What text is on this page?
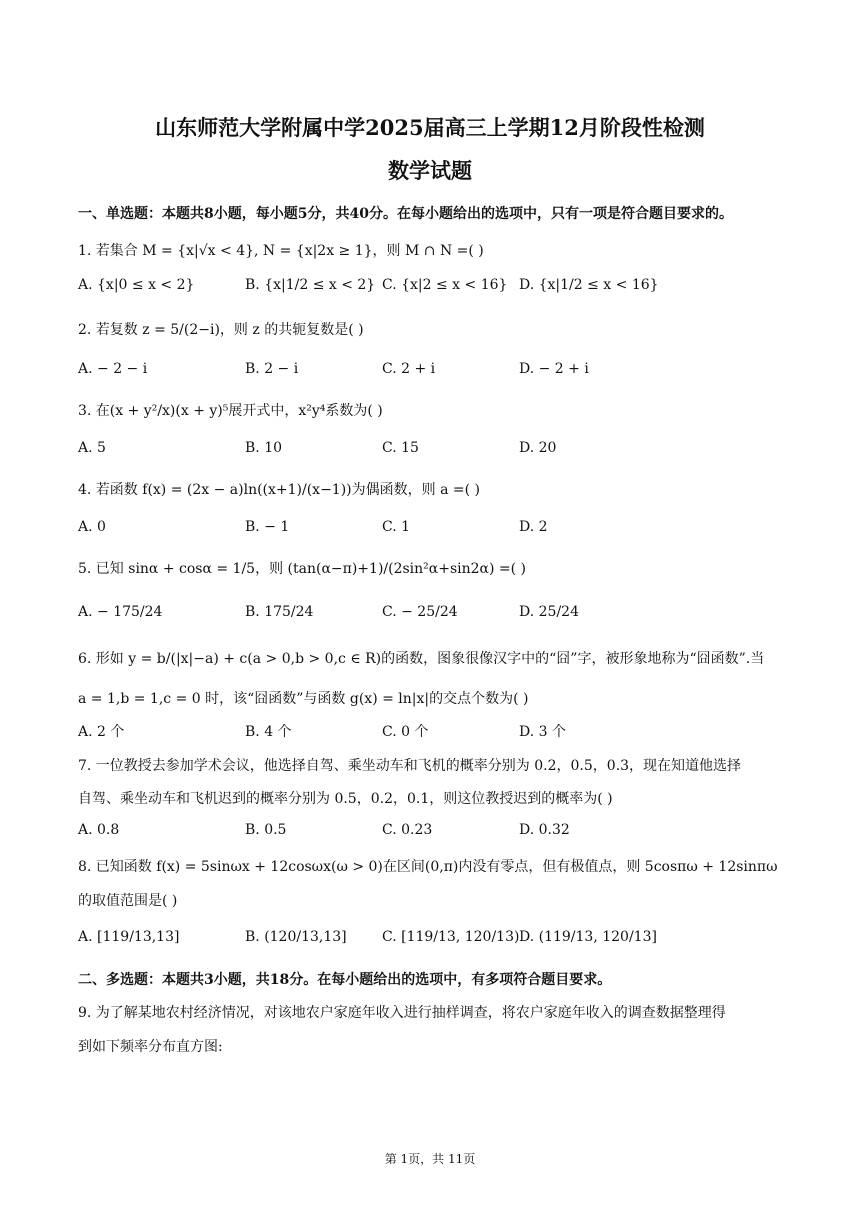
山东师范大学附属中学2025届高三上学期12月阶段性检测
数学试题
一、单选题：本题共8小题，每小题5分，共40分。在每小题给出的选项中，只有一项是符合题目要求的。
1. 若集合 M = {x|√x < 4}, N = {x|2x ≥ 1}，则 M ∩ N =( )
A. {x|0 ≤ x < 2}	B. {x|1/2 ≤ x < 2} C. {x|2 ≤ x < 16} D. {x|1/2 ≤ x < 16}
2. 若复数 z = 5/(2−i)，则 z 的共轭复数是( )
A. − 2 − i	B. 2 − i	C. 2 + i	D. − 2 + i
3. 在(x + y²/x)(x + y)⁵展开式中，x²y⁴系数为( )
A. 5	B. 10	C. 15	D. 20
4. 若函数 f(x) = (2x − a)ln((x+1)/(x−1))为偶函数，则 a =( )
A. 0	B. − 1	C. 1	D. 2
5. 已知 sinα + cosα = 1/5，则 (tan(α−π)+1)/(2sin²α+sin2α) =( )
A. − 175/24	B. 175/24	C. − 25/24	D. 25/24
6. 形如 y = b/(|x|−a) + c(a > 0,b > 0,c ∈ R)的函数，图象很像汉字中的“囧”字，被形象地称为“囧函数”.当
a = 1,b = 1,c = 0 时，该“囧函数”与函数 g(x) = ln|x|的交点个数为( )
A. 2 个	B. 4 个	C. 0 个	D. 3 个
7. 一位教授去参加学术会议，他选择自驾、乘坐动车和飞机的概率分别为 0.2，0.5，0.3，现在知道他选择
自驾、乘坐动车和飞机迟到的概率分别为 0.5，0.2，0.1，则这位教授迟到的概率为( )
A. 0.8	B. 0.5	C. 0.23	D. 0.32
8. 已知函数 f(x) = 5sinωx + 12cosωx(ω > 0)在区间(0,π)内没有零点，但有极值点，则 5cosπω + 12sinπω
的取值范围是( )
A. [119/13,13]	B. (120/13,13]	C. [119/13, 120/13) D. (119/13, 120/13]
二、多选题：本题共3小题，共18分。在每小题给出的选项中，有多项符合题目要求。
9. 为了解某地农村经济情况，对该地农户家庭年收入进行抽样调查，将农户家庭年收入的调查数据整理得
到如下频率分布直方图:
第 1页，共 11页
